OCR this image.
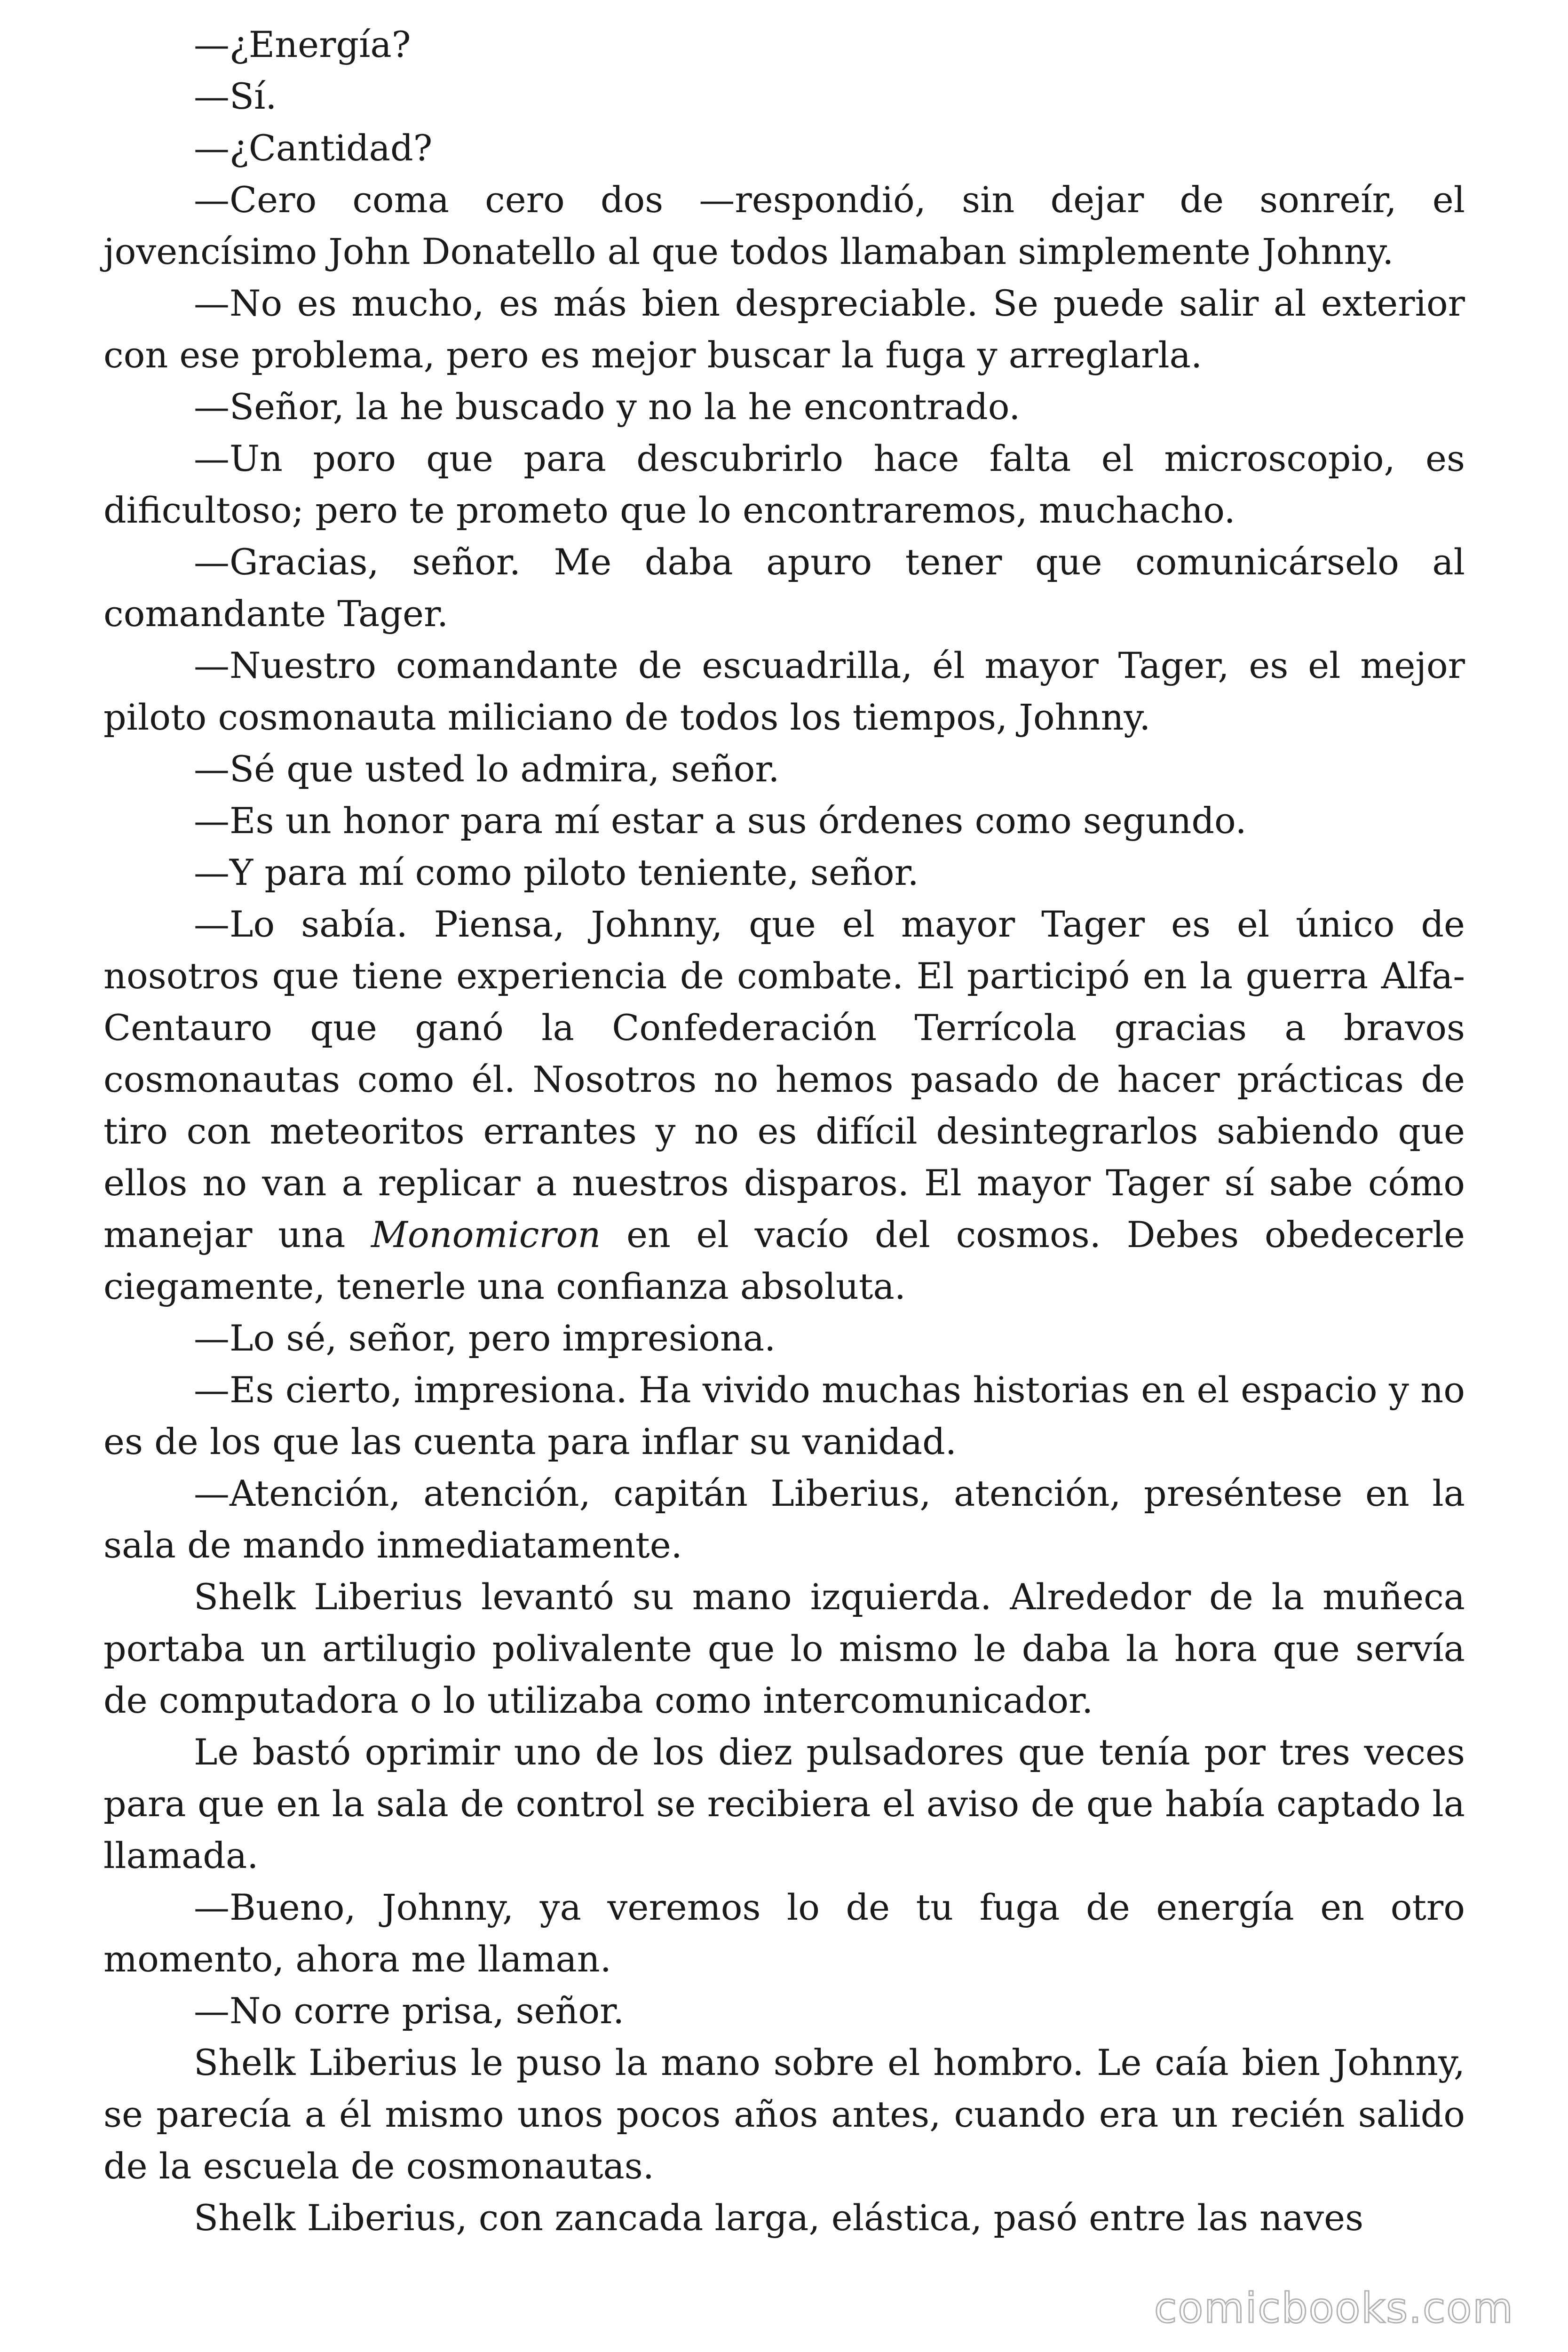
—¿Energía?

—Sí.

—¿Cantidad?

—Cero coma cero dos —respondió, sin dejar de sonreír, el jovencísimo John Donatello al que todos llamaban simplemente Johnny.

—No es mucho, es más bien despreciable. Se puede salir al exterior con ese problema, pero es mejor buscar la fuga y arreglarla.

—Señor, la he buscado y no la he encontrado.

—Un poro que para descubrirlo hace falta el microscopio, es dificultoso; pero te prometo que lo encontraremos, muchacho.

—Gracias, señor. Me daba apuro tener que comunicárselo al comandante Tager.

—Nuestro comandante de escuadrilla, él mayor Tager, es el mejor piloto cosmonauta miliciano de todos los tiempos, Johnny.

—Sé que usted lo admira, señor.

—Es un honor para mí estar a sus órdenes como segundo.

—Y para mí como piloto teniente, señor.

—Lo sabía. Piensa, Johnny, que el mayor Tager es el único de nosotros que tiene experiencia de combate. El participó en la guerra Alfa-Centauro que ganó la Confederación Terrícola gracias a bravos cosmonautas como él. Nosotros no hemos pasado de hacer prácticas de tiro con meteoritos errantes y no es difícil desintegrarlos sabiendo que ellos no van a replicar a nuestros disparos. El mayor Tager sí sabe cómo manejar una Monomicron en el vacío del cosmos. Debes obedecerle ciegamente, tenerle una confianza absoluta.

—Lo sé, señor, pero impresiona.

—Es cierto, impresiona. Ha vivido muchas historias en el espacio y no es de los que las cuenta para inflar su vanidad.

—Atención, atención, capitán Liberius, atención, preséntese en la sala de mando inmediatamente.

Shelk Liberius levantó su mano izquierda. Alrededor de la muñeca portaba un artilugio polivalente que lo mismo le daba la hora que servía de computadora o lo utilizaba como intercomunicador.

Le bastó oprimir uno de los diez pulsadores que tenía por tres veces para que en la sala de control se recibiera el aviso de que había captado la llamada.

—Bueno, Johnny, ya veremos lo de tu fuga de energía en otro momento, ahora me llaman.

—No corre prisa, señor.

Shelk Liberius le puso la mano sobre el hombro. Le caía bien Johnny, se parecía a él mismo unos pocos años antes, cuando era un recién salido de la escuela de cosmonautas.

Shelk Liberius, con zancada larga, elástica, pasó entre las naves

comicbooks.com
